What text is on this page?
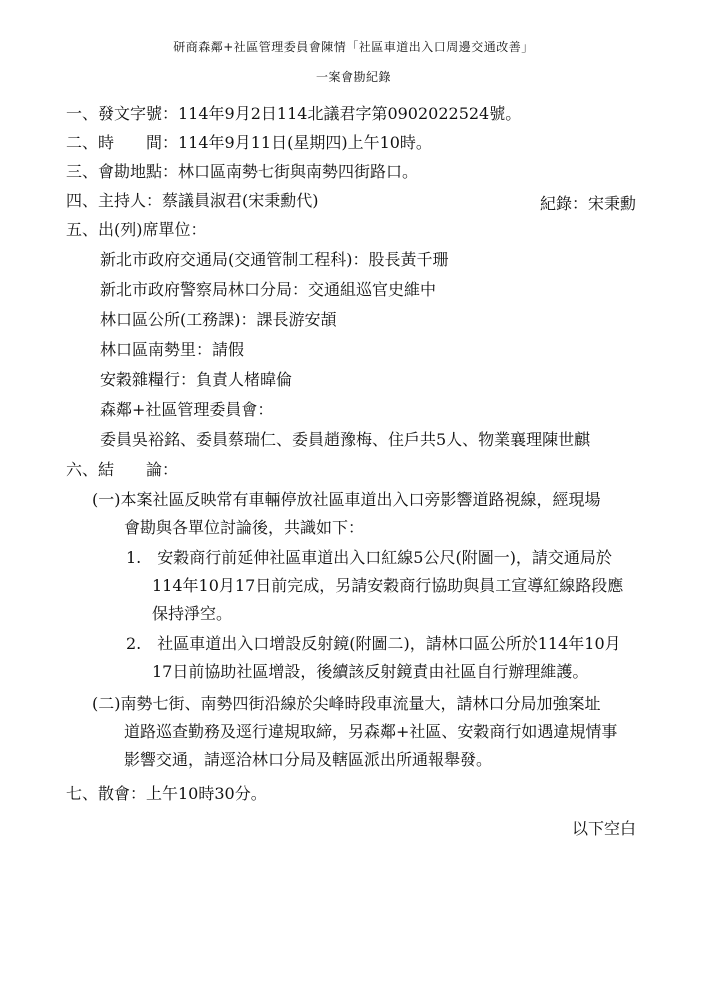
研商森鄰+社區管理委員會陳情「社區車道出入口周邊交通改善」
一案會勘紀錄
一、發文字號：114年9月2日114北議君字第0902022524號。
二、時　　間：114年9月11日(星期四)上午10時。
三、會勘地點：林口區南勢七街與南勢四街路口。
四、主持人：蔡議員淑君(宋秉勳代)	紀錄：宋秉勳
五、出(列)席單位：
新北市政府交通局(交通管制工程科)：股長黃千珊
新北市政府警察局林口分局：交通組巡官史維中
林口區公所(工務課)：課長游安頡
林口區南勢里：請假
安穀雜糧行：負責人楮暐倫
森鄰+社區管理委員會：
委員吳裕銘、委員蔡瑞仁、委員趙豫梅、住戶共5人、物業襄理陳世麒
六、結　　論：
(一)本案社區反映常有車輛停放社區車道出入口旁影響道路視線，經現場
會勘與各單位討論後，共識如下：
1.　安穀商行前延伸社區車道出入口紅線5公尺(附圖一)，請交通局於
114年10月17日前完成，另請安穀商行協助與員工宣導紅線路段應
保持淨空。
2.　社區車道出入口增設反射鏡(附圖二)，請林口區公所於114年10月
17日前協助社區增設，後續該反射鏡責由社區自行辦理維護。
(二)南勢七街、南勢四街沿線於尖峰時段車流量大，請林口分局加強案址
道路巡查勤務及逕行違規取締，另森鄰+社區、安穀商行如遇違規情事
影響交通，請逕洽林口分局及轄區派出所通報舉發。
七、散會：上午10時30分。
以下空白
